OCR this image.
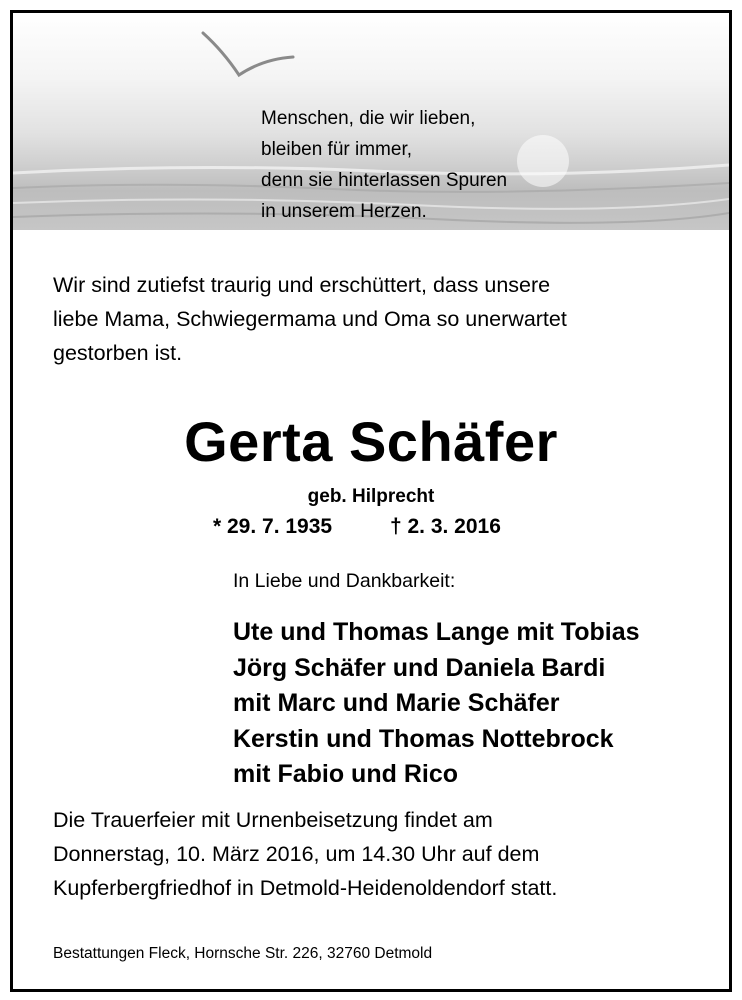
Menschen, die wir lieben,
bleiben für immer,
denn sie hinterlassen Spuren
in unserem Herzen.
Wir sind zutiefst traurig und erschüttert, dass unsere
liebe Mama, Schwiegermama und Oma so unerwartet
gestorben ist.
Gerta Schäfer
geb. Hilprecht
* 29. 7. 1935	† 2. 3. 2016
In Liebe und Dankbarkeit:
Ute und Thomas Lange mit Tobias
Jörg Schäfer und Daniela Bardi
mit Marc und Marie Schäfer
Kerstin und Thomas Nottebrock
mit Fabio und Rico
Die Trauerfeier mit Urnenbeisetzung findet am
Donnerstag, 10. März 2016, um 14.30 Uhr auf dem
Kupferbergfriedhof in Detmold-Heidenoldendorf statt.
Bestattungen Fleck, Hornsche Str. 226, 32760 Detmold
